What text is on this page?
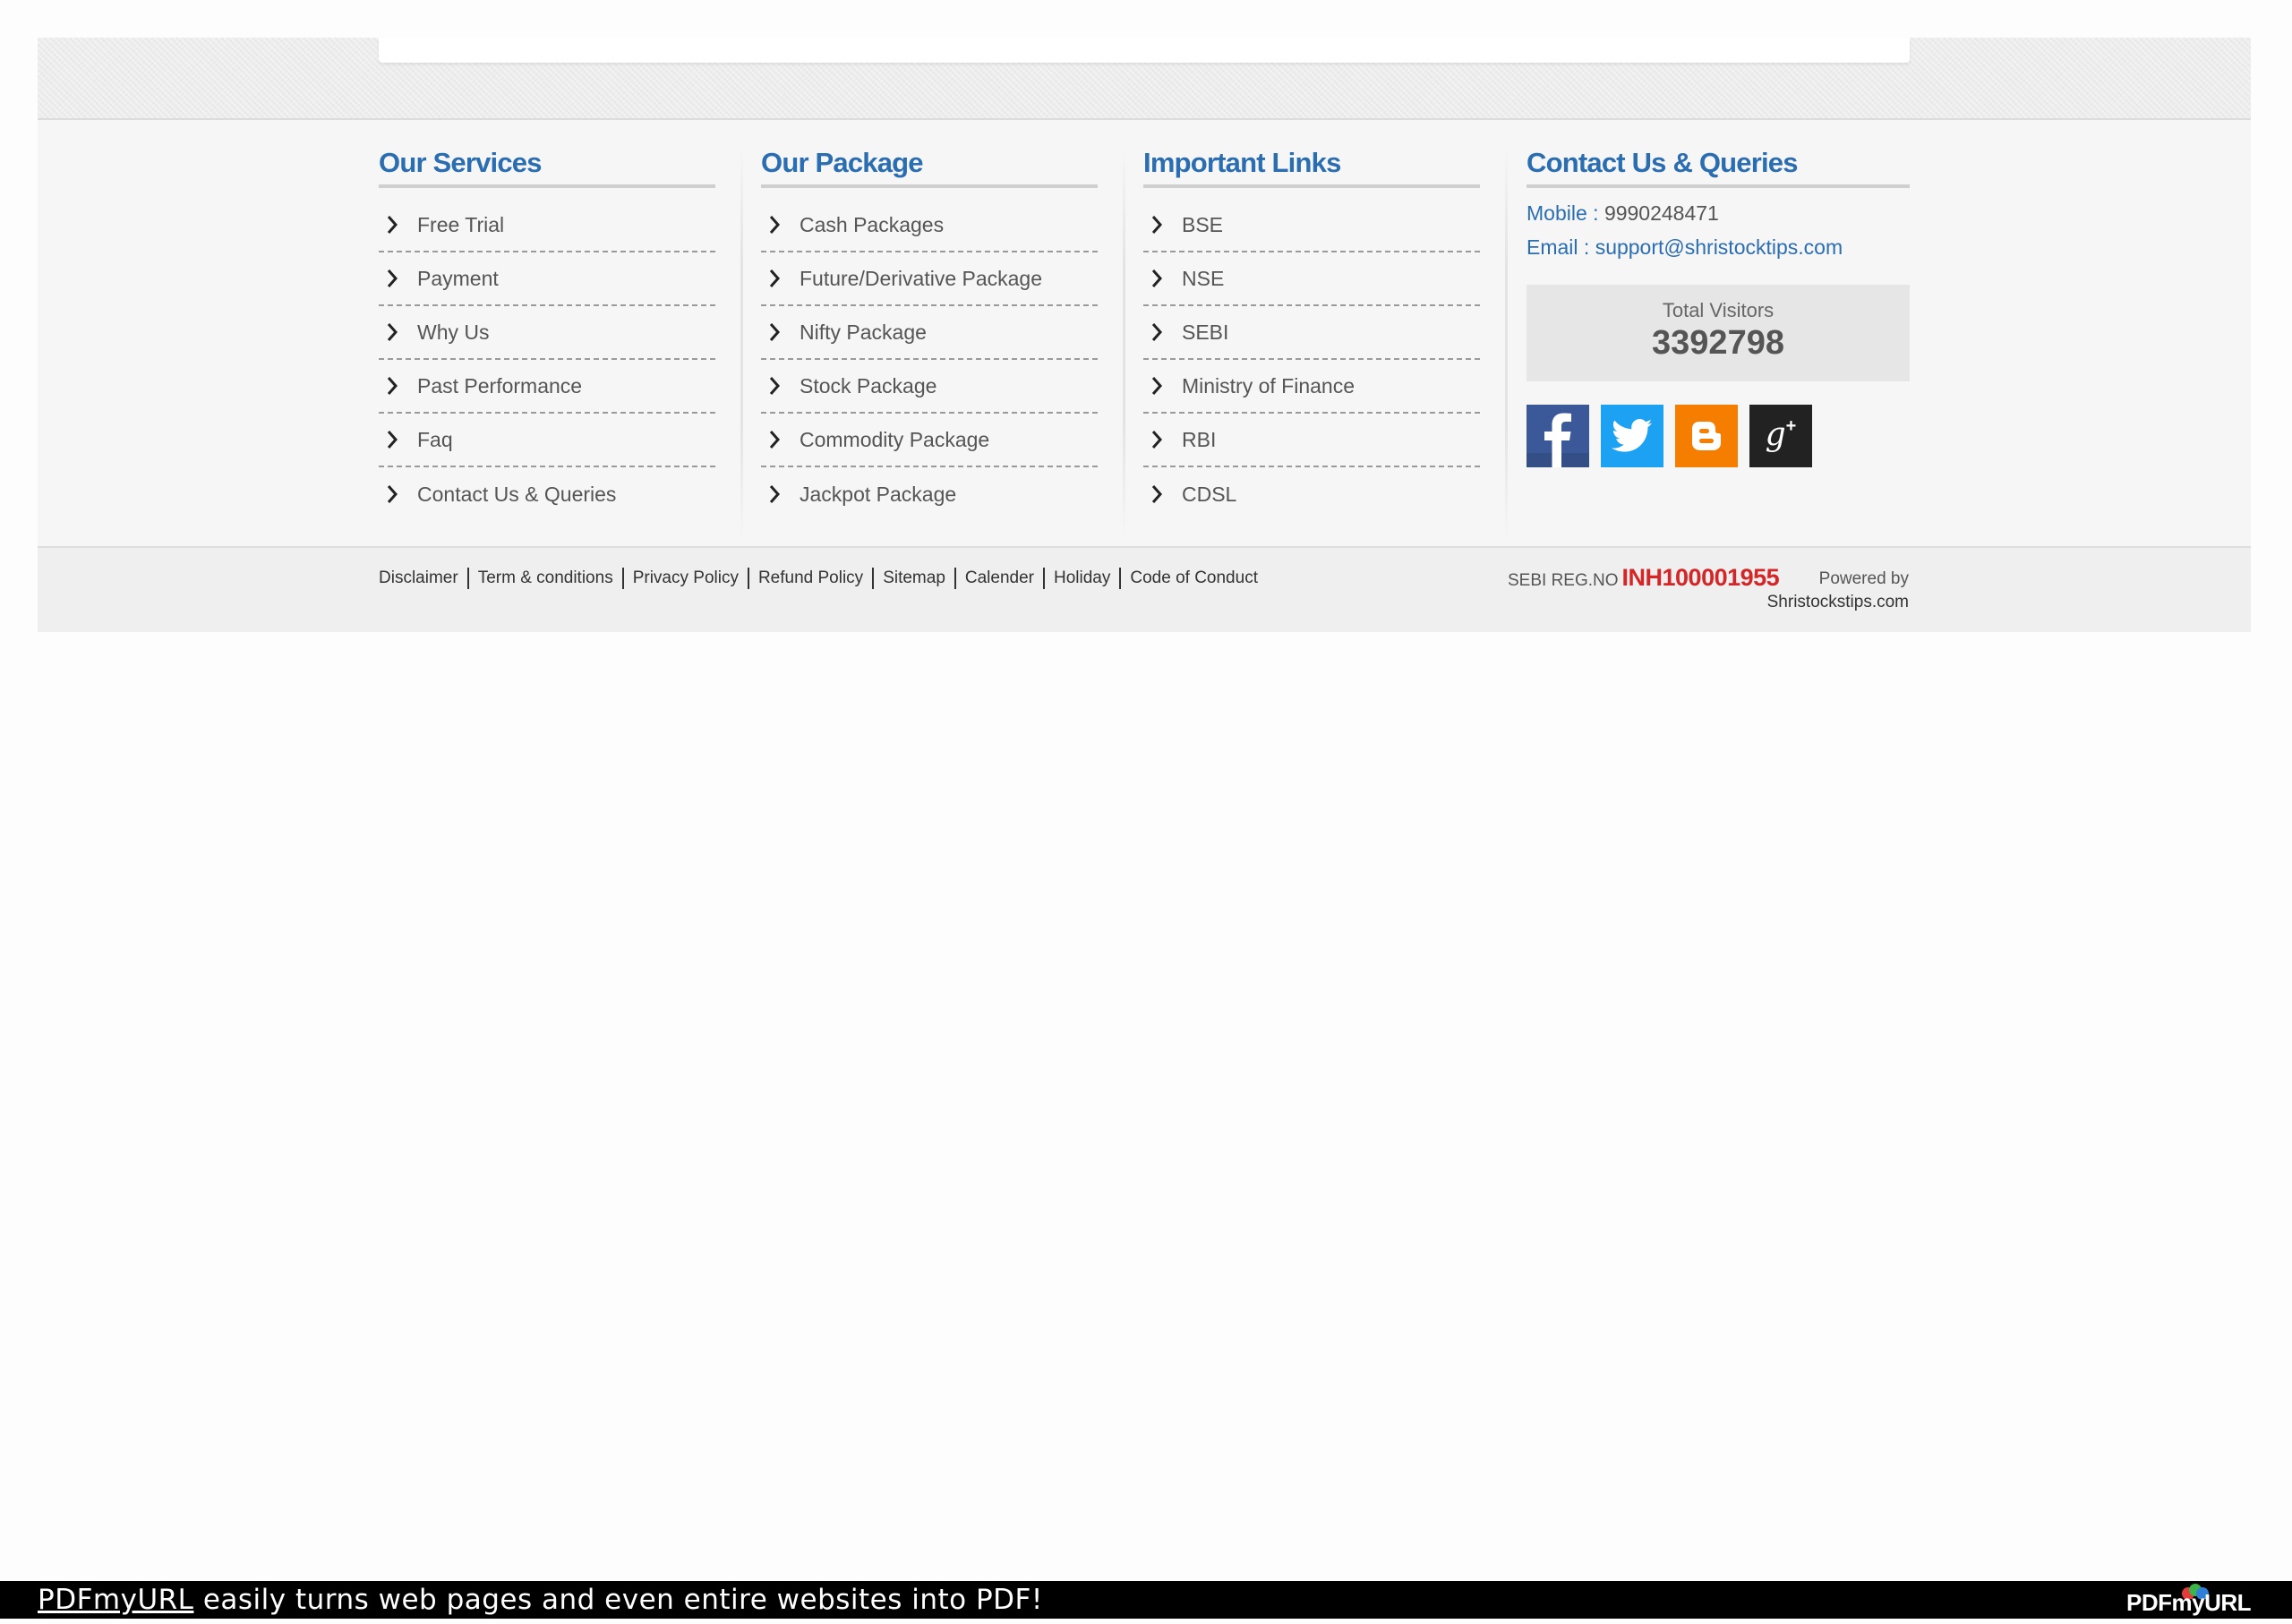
Our Services
Free Trial
Payment
Why Us
Past Performance
Faq
Contact Us & Queries
Our Package
Cash Packages
Future/Derivative Package
Nifty Package
Stock Package
Commodity Package
Jackpot Package
Important Links
BSE
NSE
SEBI
Ministry of Finance
RBI
CDSL
Contact Us & Queries
Mobile : 9990248471
Email : support@shristocktips.com
Total Visitors
3392798
g +
Disclaimer Term & conditions Privacy Policy Refund Policy Sitemap Calender Holiday Code of Conduct	SEBI REG.NO INH100001955	Powered by
Shristockstips.com
PDFmyURL easily turns web pages and even entire websites into PDF!	PDFmyURL
